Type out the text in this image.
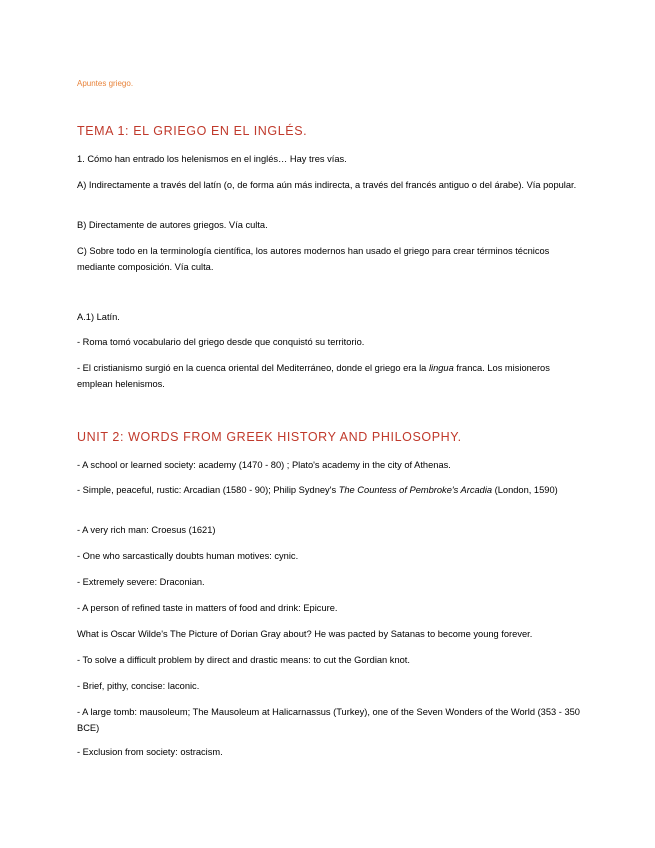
Apuntes griego.
TEMA 1: EL GRIEGO EN EL INGLÉS.

1. Cómo han entrado los helenismos en el inglés… Hay tres vías.

A) Indirectamente a través del latín (o, de forma aún más indirecta, a través del francés antiguo o del árabe). Vía popular.

B) Directamente de autores griegos. Vía culta.

C) Sobre todo en la terminología científica, los autores modernos han usado el griego para crear términos técnicos mediante composición. Vía culta.

A.1) Latín.

- Roma tomó vocabulario del griego desde que conquistó su territorio.

- El cristianismo surgió en la cuenca oriental del Mediterráneo, donde el griego era la lingua franca. Los misioneros emplean helenismos.

UNIT 2: WORDS FROM GREEK HISTORY AND PHILOSOPHY.

- A school or learned society: academy (1470 - 80) ; Plato's academy in the city of Athenas.

- Simple, peaceful, rustic: Arcadian (1580 - 90); Philip Sydney's The Countess of Pembroke's Arcadia (London, 1590)

- A very rich man: Croesus (1621)

- One who sarcastically doubts human motives: cynic.

- Extremely severe: Draconian.

- A person of refined taste in matters of food and drink: Epicure.

What is Oscar Wilde's The Picture of Dorian Gray about? He was pacted by Satanas to become young forever.

- To solve a difficult problem by direct and drastic means: to cut the Gordian knot.

- Brief, pithy, concise: laconic.

- A large tomb: mausoleum; The Mausoleum at Halicarnassus (Turkey), one of the Seven Wonders of the World (353 - 350 BCE)

- Exclusion from society: ostracism.
